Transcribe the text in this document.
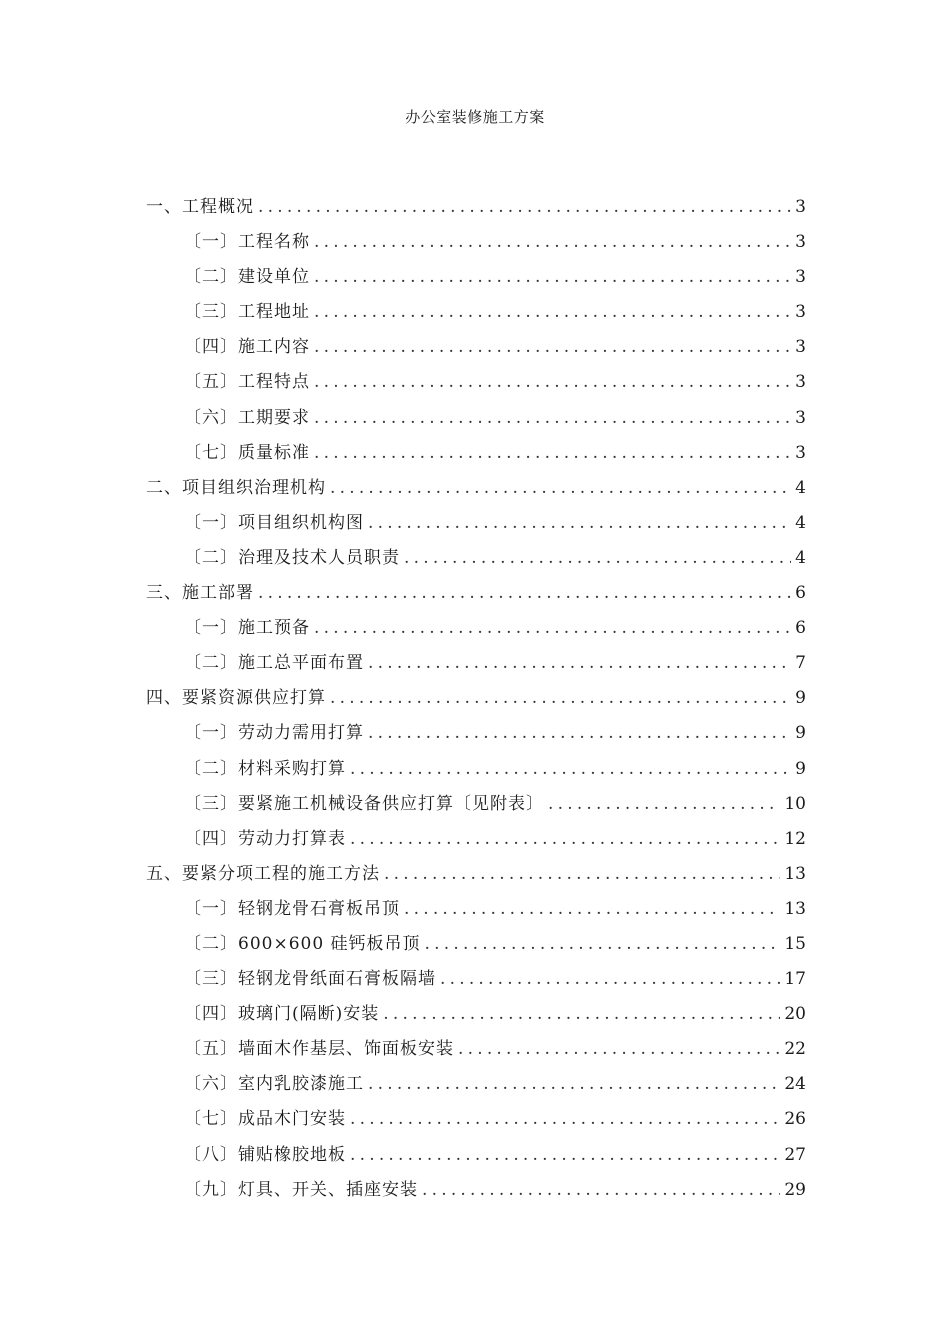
办公室装修施工方案
一、工程概况 . . .	3
〔一〕工程名称 . . .	3
〔二〕建设单位 . . .	3
〔三〕工程地址 . . .	3
〔四〕施工内容 . . .	3
〔五〕工程特点 . . .	3
〔六〕工期要求 . . .	3
〔七〕质量标准 . . .	3
二、项目组织治理机构 . . .	4
〔一〕项目组织机构图 . . .	4
〔二〕治理及技术人员职责 . . .	4
三、施工部署 . . .	6
〔一〕施工预备 . . .	6
〔二〕施工总平面布置 . . .	7
四、要紧资源供应打算 . . .	9
〔一〕劳动力需用打算 . . .	9
〔二〕材料采购打算 . . .	9
〔三〕要紧施工机械设备供应打算〔见附表〕 . . .	10
〔四〕劳动力打算表 . . .	12
五、要紧分项工程的施工方法 . . .	13
〔一〕轻钢龙骨石膏板吊顶 . . .	13
〔二〕600×600 硅钙板吊顶 . . .	15
〔三〕轻钢龙骨纸面石膏板隔墙 . . .	17
〔四〕玻璃门(隔断)安装 . . .	20
〔五〕墙面木作基层、饰面板安装 . . .	22
〔六〕室内乳胶漆施工 . . .	24
〔七〕成品木门安装 . . .	26
〔八〕铺贴橡胶地板 . . .	27
〔九〕灯具、开关、插座安装 . . .	29
